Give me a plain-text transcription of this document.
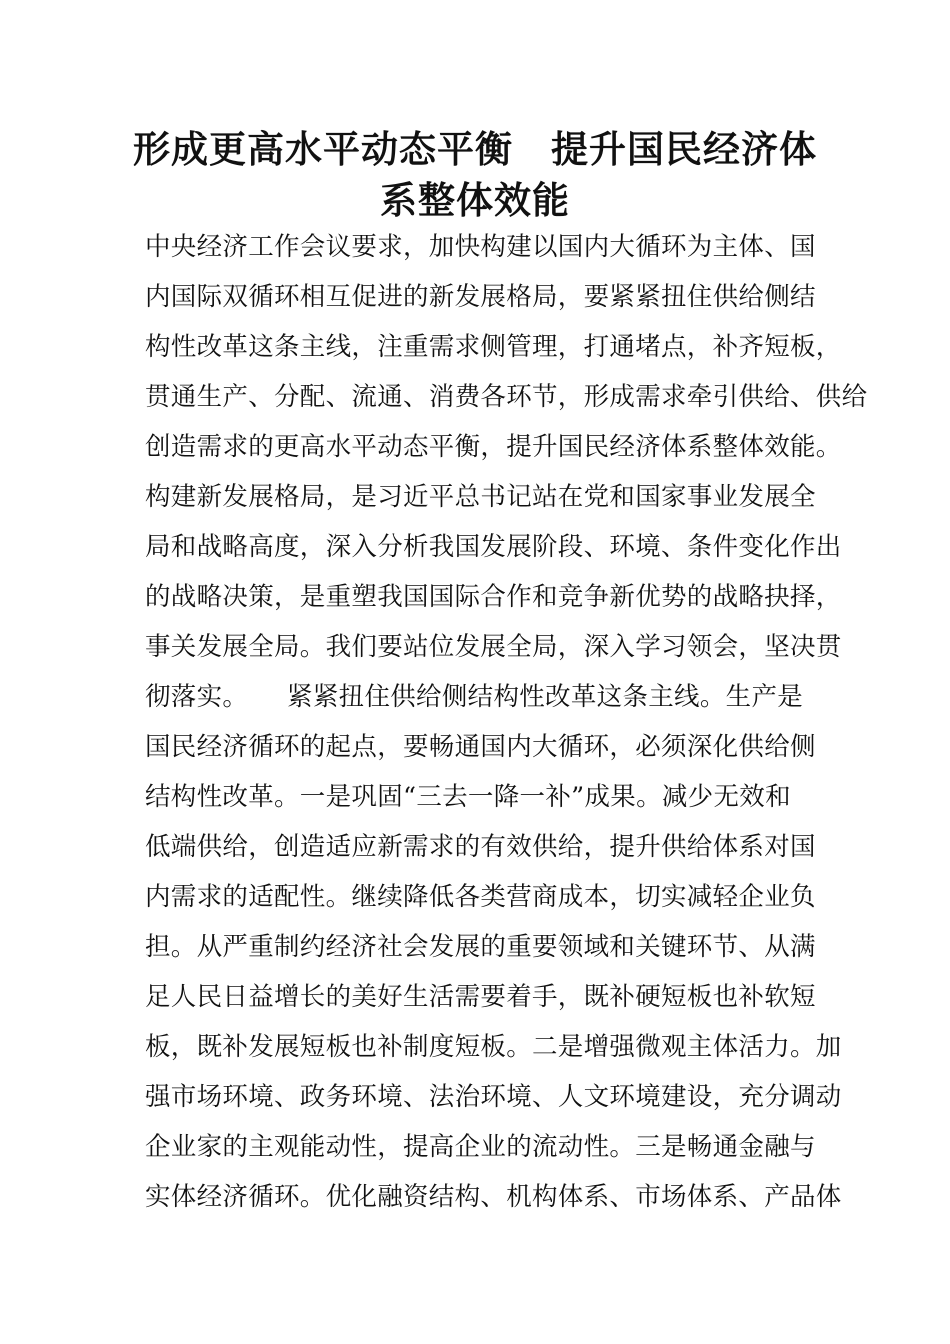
形成更高水平动态平衡　提升国民经济体
系整体效能
中央经济工作会议要求，加快构建以国内大循环为主体、国
内国际双循环相互促进的新发展格局，要紧紧扭住供给侧结
构性改革这条主线，注重需求侧管理，打通堵点，补齐短板，
贯通生产、分配、流通、消费各环节，形成需求牵引供给、供给
创造需求的更高水平动态平衡，提升国民经济体系整体效能。
构建新发展格局，是习近平总书记站在党和国家事业发展全
局和战略高度，深入分析我国发展阶段、环境、条件变化作出
的战略决策，是重塑我国国际合作和竞争新优势的战略抉择，
事关发展全局。我们要站位发展全局，深入学习领会，坚决贯
彻落实。　　紧紧扭住供给侧结构性改革这条主线。生产是
国民经济循环的起点，要畅通国内大循环，必须深化供给侧
结构性改革。一是巩固“三去一降一补”成果。减少无效和
低端供给，创造适应新需求的有效供给，提升供给体系对国
内需求的适配性。继续降低各类营商成本，切实减轻企业负
担。从严重制约经济社会发展的重要领域和关键环节、从满
足人民日益增长的美好生活需要着手，既补硬短板也补软短
板，既补发展短板也补制度短板。二是增强微观主体活力。加
强市场环境、政务环境、法治环境、人文环境建设，充分调动
企业家的主观能动性，提高企业的流动性。三是畅通金融与
实体经济循环。优化融资结构、机构体系、市场体系、产品体
